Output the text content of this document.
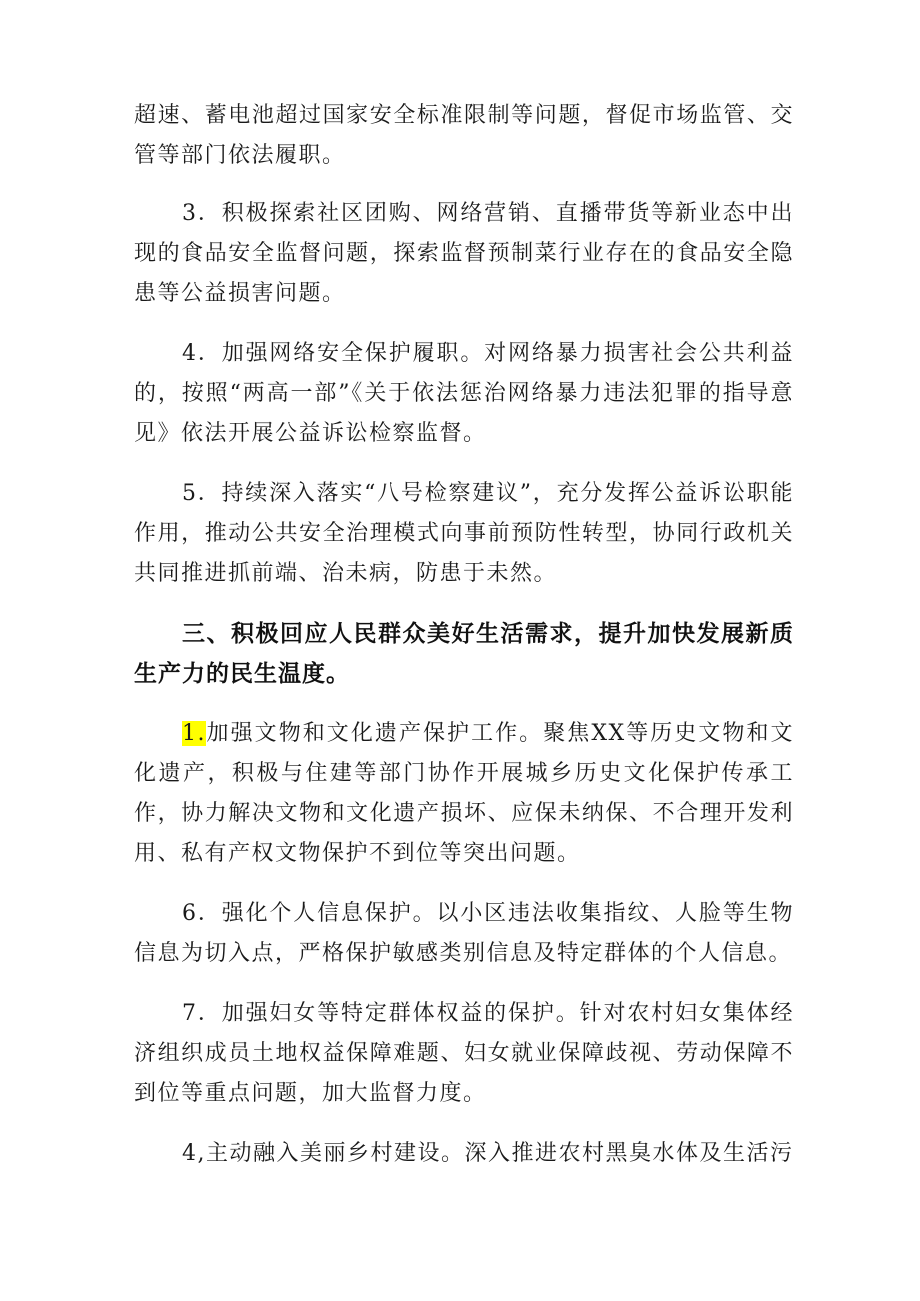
超速、蓄电池超过国家安全标准限制等问题，督促市场监管、交管等部门依法履职。

3．积极探索社区团购、网络营销、直播带货等新业态中出现的食品安全监督问题，探索监督预制菜行业存在的食品安全隐患等公益损害问题。

4．加强网络安全保护履职。对网络暴力损害社会公共利益的，按照“两高一部”《关于依法惩治网络暴力违法犯罪的指导意见》依法开展公益诉讼检察监督。

5．持续深入落实“八号检察建议”，充分发挥公益诉讼职能作用，推动公共安全治理模式向事前预防性转型，协同行政机关共同推进抓前端、治未病，防患于未然。

三、积极回应人民群众美好生活需求，提升加快发展新质生产力的民生温度。

1.加强文物和文化遗产保护工作。聚焦XX等历史文物和文化遗产，积极与住建等部门协作开展城乡历史文化保护传承工作，协力解决文物和文化遗产损坏、应保未纳保、不合理开发利用、私有产权文物保护不到位等突出问题。

6．强化个人信息保护。以小区违法收集指纹、人脸等生物信息为切入点，严格保护敏感类别信息及特定群体的个人信息。

7．加强妇女等特定群体权益的保护。针对农村妇女集体经济组织成员土地权益保障难题、妇女就业保障歧视、劳动保障不到位等重点问题，加大监督力度。

4,主动融入美丽乡村建设。深入推进农村黑臭水体及生活污
